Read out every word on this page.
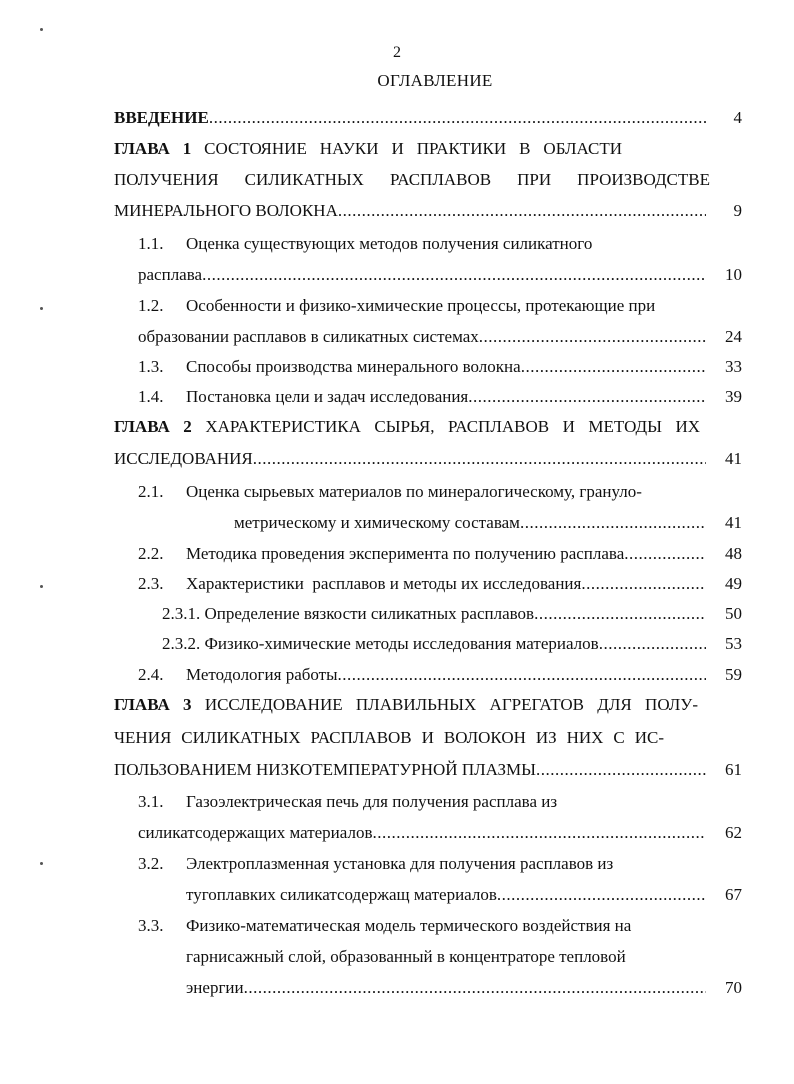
2
ОГЛАВЛЕНИЕ
ВВЕДЕНИЕ .....	4
ГЛАВА 1 СОСТОЯНИЕ НАУКИ И ПРАКТИКИ В ОБЛАСТИ
ПОЛУЧЕНИЯ СИЛИКАТНЫХ РАСПЛАВОВ ПРИ ПРОИЗВОДСТВЕ
МИНЕРАЛЬНОГО ВОЛОКНА .....	9
1.1. Оценка существующих методов получения силикатного
расплава .....	10
1.2. Особенности и физико-химические процессы, протекающие при
образовании расплавов в силикатных системах .....	24
1.3. Способы производства минерального волокна .....	33
1.4. Постановка цели и задач исследования .....	39
ГЛАВА 2 ХАРАКТЕРИСТИКА СЫРЬЯ, РАСПЛАВОВ И МЕТОДЫ ИХ
ИССЛЕДОВАНИЯ .....	41
2.1. Оценка сырьевых материалов по минералогическому, грануло-
метрическому и химическому составам .....	41
2.2. Методика проведения эксперимента по получению расплава .....	48
2.3. Характеристики  расплавов и методы их исследования .....	49
2.3.1. Определение вязкости силикатных расплавов .....	50
2.3.2. Физико-химические методы исследования материалов .....	53
2.4. Методология работы .....	59
ГЛАВА 3 ИССЛЕДОВАНИЕ ПЛАВИЛЬНЫХ АГРЕГАТОВ ДЛЯ ПОЛУ-
ЧЕНИЯ СИЛИКАТНЫХ РАСПЛАВОВ И ВОЛОКОН ИЗ НИХ С ИС-
ПОЛЬЗОВАНИЕМ НИЗКОТЕМПЕРАТУРНОЙ ПЛАЗМЫ .....	61
3.1. Газоэлектрическая печь для получения расплава из
силикатсодержащих материалов .....	62
3.2. Электроплазменная установка для получения расплавов из
тугоплавких силикатсодержащ материалов .....	67
3.3. Физико-математическая модель термического воздействия на
гарнисажный слой, образованный в концентраторе тепловой
энергии .....	70
